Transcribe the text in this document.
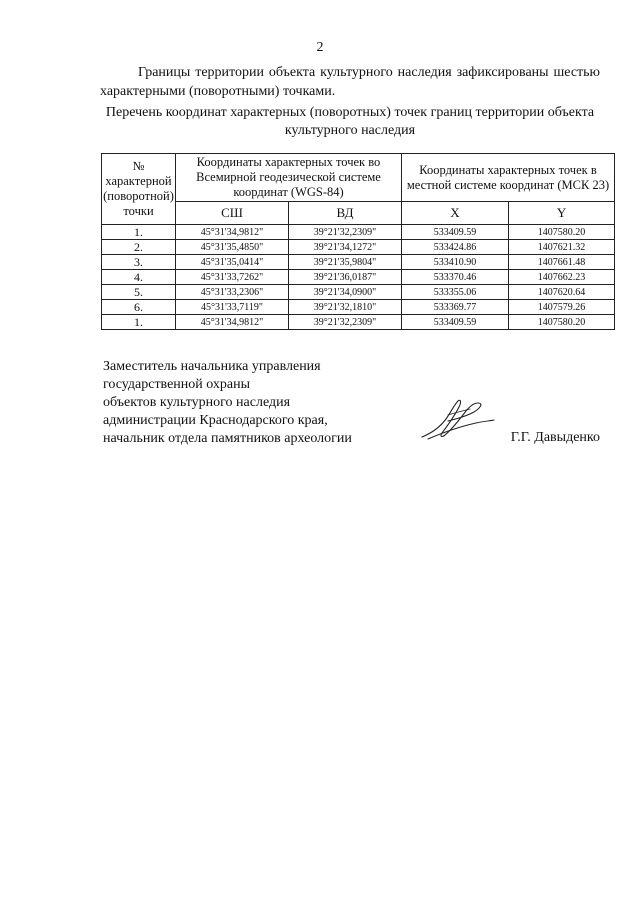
2
Границы территории объекта культурного наследия зафиксированы шестью характерными (поворотными) точками.
Перечень координат характерных (поворотных) точек границ территории объекта культурного наследия
№ характерной (поворотной) точки	Координаты характерных точек во Всемирной геодезической системе координат (WGS-84)		Координаты характерных точек в местной системе координат (МСК 23)	
	СШ	ВД	X	Y
1.	45°31'34,9812"	39°21'32,2309"	533409.59	1407580.20
2.	45°31'35,4850"	39°21'34,1272"	533424.86	1407621.32
3.	45°31'35,0414"	39°21'35,9804"	533410.90	1407661.48
4.	45°31'33,7262"	39°21'36,0187"	533370.46	1407662.23
5.	45°31'33,2306"	39°21'34,0900"	533355.06	1407620.64
6.	45°31'33,7119"	39°21'32,1810"	533369.77	1407579.26
1.	45°31'34,9812"	39°21'32,2309"	533409.59	1407580.20
Заместитель начальника управления
государственной охраны
объектов культурного наследия
администрации Краснодарского края,
начальник отдела памятников археологии	Г.Г. Давыденко
